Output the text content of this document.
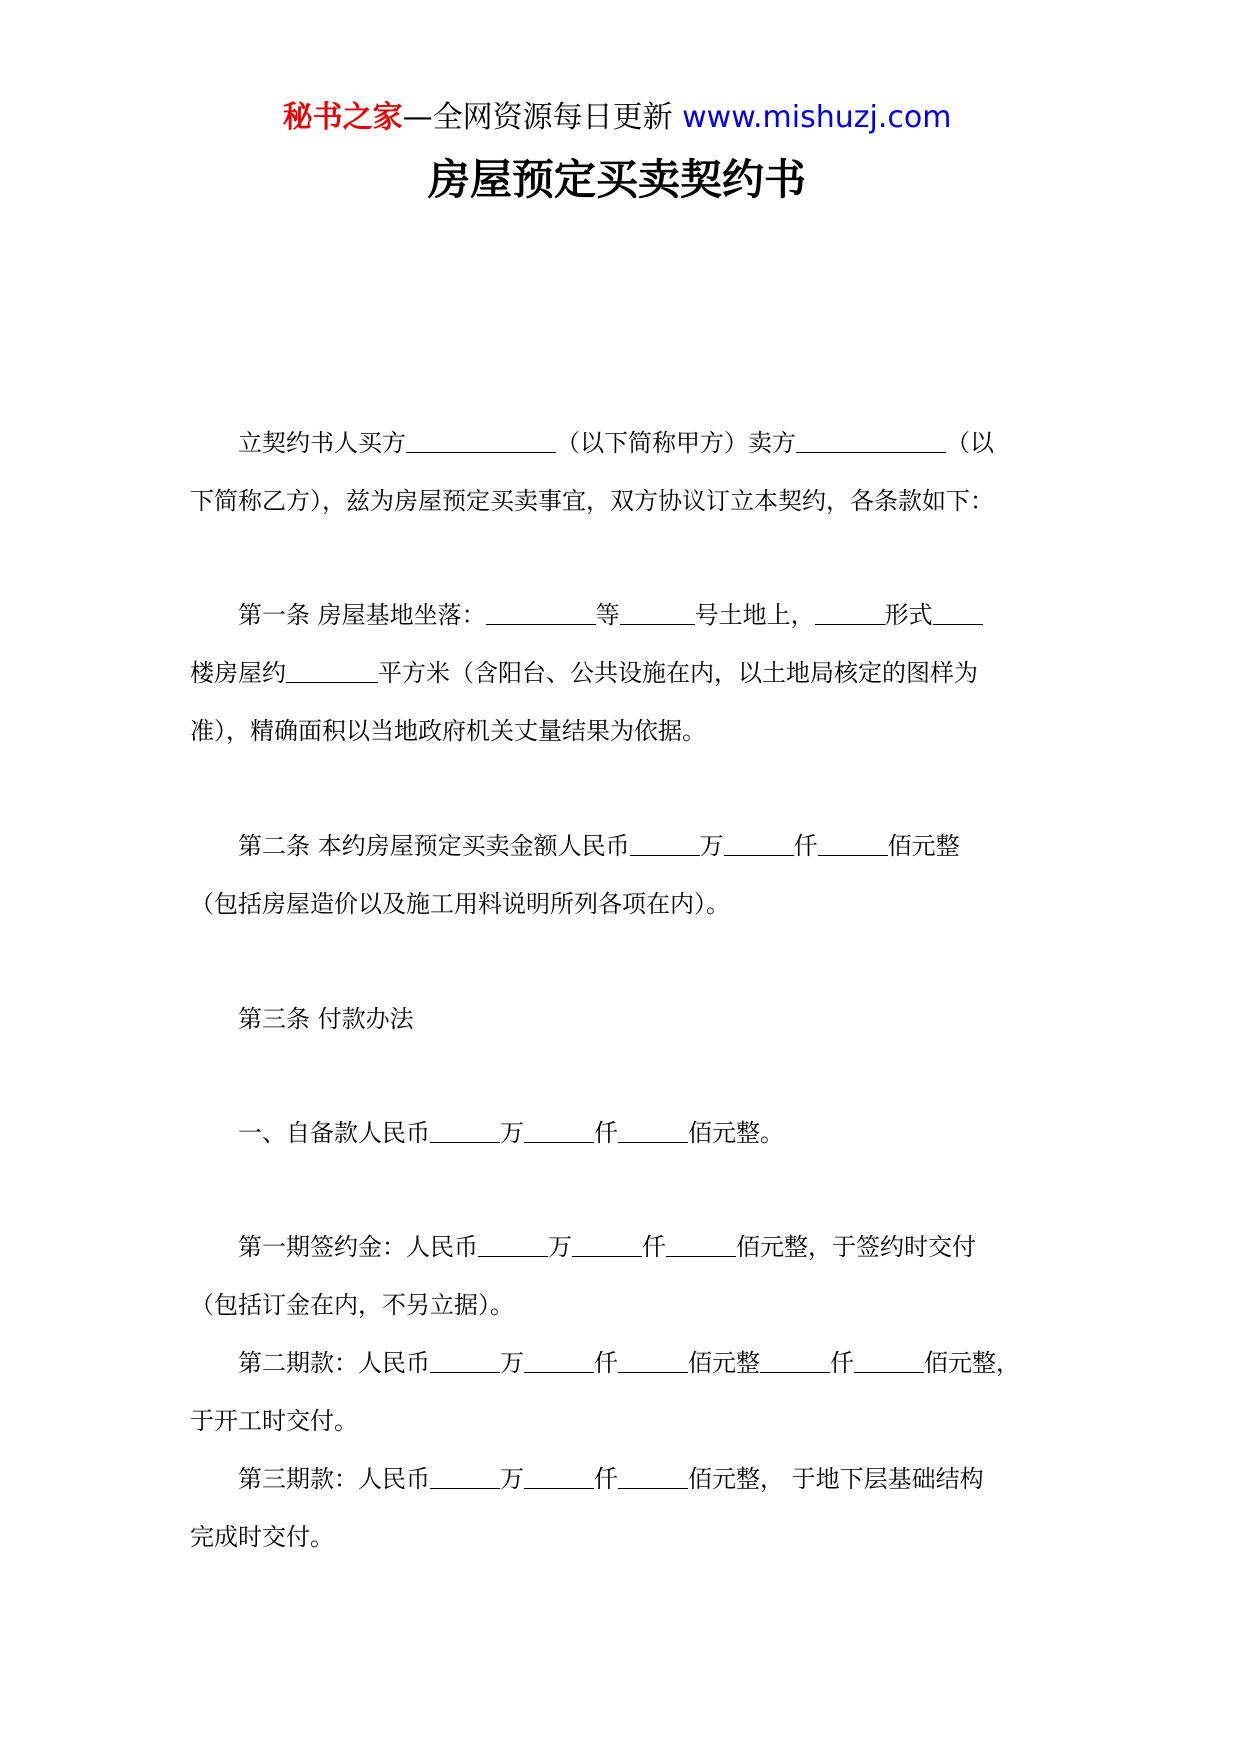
秘书之家—全网资源每日更新 www.mishuzj.com
房屋预定买卖契约书
立契约书人买方	（以下简称甲方）卖方	（以
下简称乙方），兹为房屋预定买卖事宜，双方协议订立本契约，各条款如下：
第一条 房屋基地坐落：	等	号土地上，	形式
楼房屋约	平方米（含阳台、公共设施在内，以土地局核定的图样为
准），精确面积以当地政府机关丈量结果为依据。
第二条 本约房屋预定买卖金额人民币	万	仟	佰元整
（包括房屋造价以及施工用料说明所列各项在内）。
第三条 付款办法
一、自备款人民币	万	仟	佰元整。
第一期签约金：人民币	万	仟	佰元整，于签约时交付
（包括订金在内，不另立据）。
第二期款：人民币	万	仟	佰元整	仟	佰元整，
于开工时交付。
第三期款：人民币	万	仟	佰元整， 于地下层基础结构
完成时交付。
